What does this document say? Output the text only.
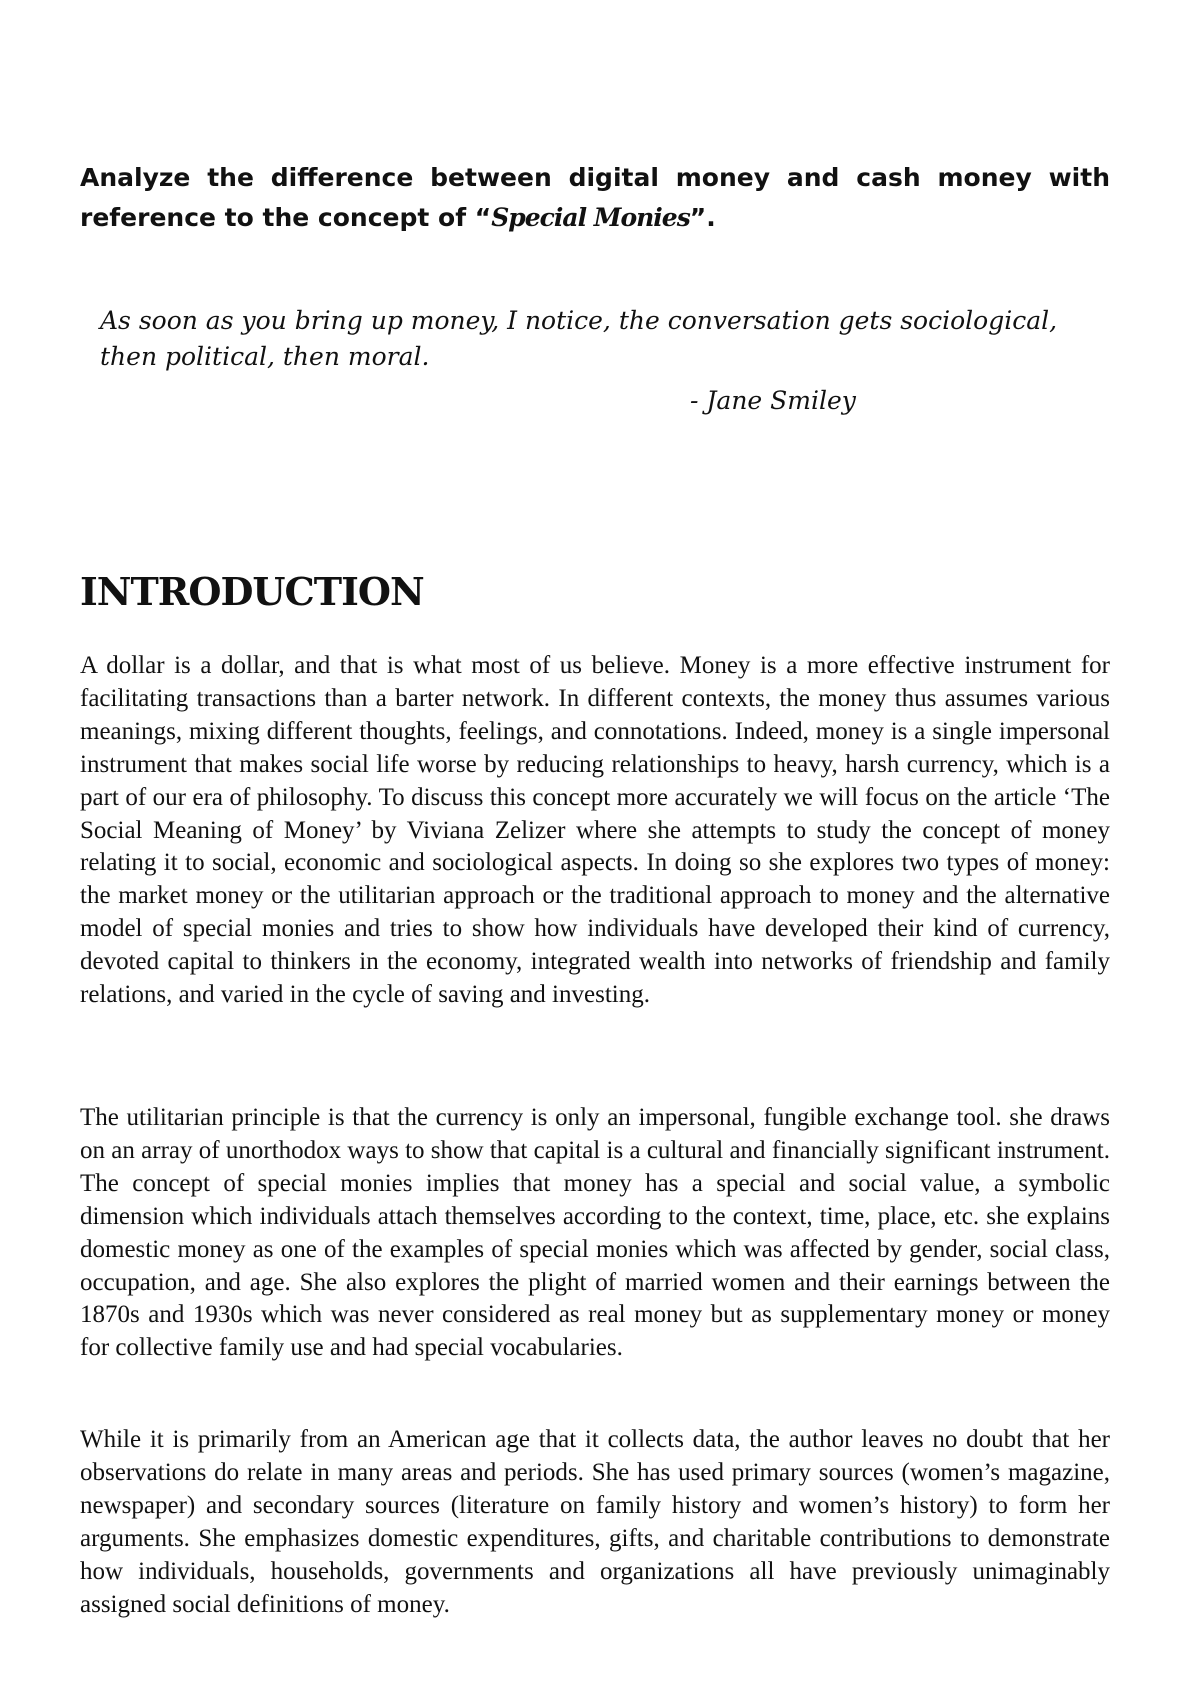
Analyze the difference between digital money and cash money with reference to the concept of “Special Monies”.

As soon as you bring up money, I notice, the conversation gets sociological, then political, then moral.

- Jane Smiley

INTRODUCTION

A dollar is a dollar, and that is what most of us believe. Money is a more effective instrument for facilitating transactions than a barter network. In different contexts, the money thus assumes various meanings, mixing different thoughts, feelings, and connotations. Indeed, money is a single impersonal instrument that makes social life worse by reducing relationships to heavy, harsh currency, which is a part of our era of philosophy. To discuss this concept more accurately we will focus on the article ‘The Social Meaning of Money’ by Viviana Zelizer where she attempts to study the concept of money relating it to social, economic and sociological aspects. In doing so she explores two types of money: the market money or the utilitarian approach or the traditional approach to money and the alternative model of special monies and tries to show how individuals have developed their kind of currency, devoted capital to thinkers in the economy, integrated wealth into networks of friendship and family relations, and varied in the cycle of saving and investing.

The utilitarian principle is that the currency is only an impersonal, fungible exchange tool. she draws on an array of unorthodox ways to show that capital is a cultural and financially significant instrument. The concept of special monies implies that money has a special and social value, a symbolic dimension which individuals attach themselves according to the context, time, place, etc. she explains domestic money as one of the examples of special monies which was affected by gender, social class, occupation, and age. She also explores the plight of married women and their earnings between the 1870s and 1930s which was never considered as real money but as supplementary money or money for collective family use and had special vocabularies.

While it is primarily from an American age that it collects data, the author leaves no doubt that her observations do relate in many areas and periods. She has used primary sources (women’s magazine, newspaper) and secondary sources (literature on family history and women’s history) to form her arguments. She emphasizes domestic expenditures, gifts, and charitable contributions to demonstrate how individuals, households, governments and organizations all have previously unimaginably assigned social definitions of money.
